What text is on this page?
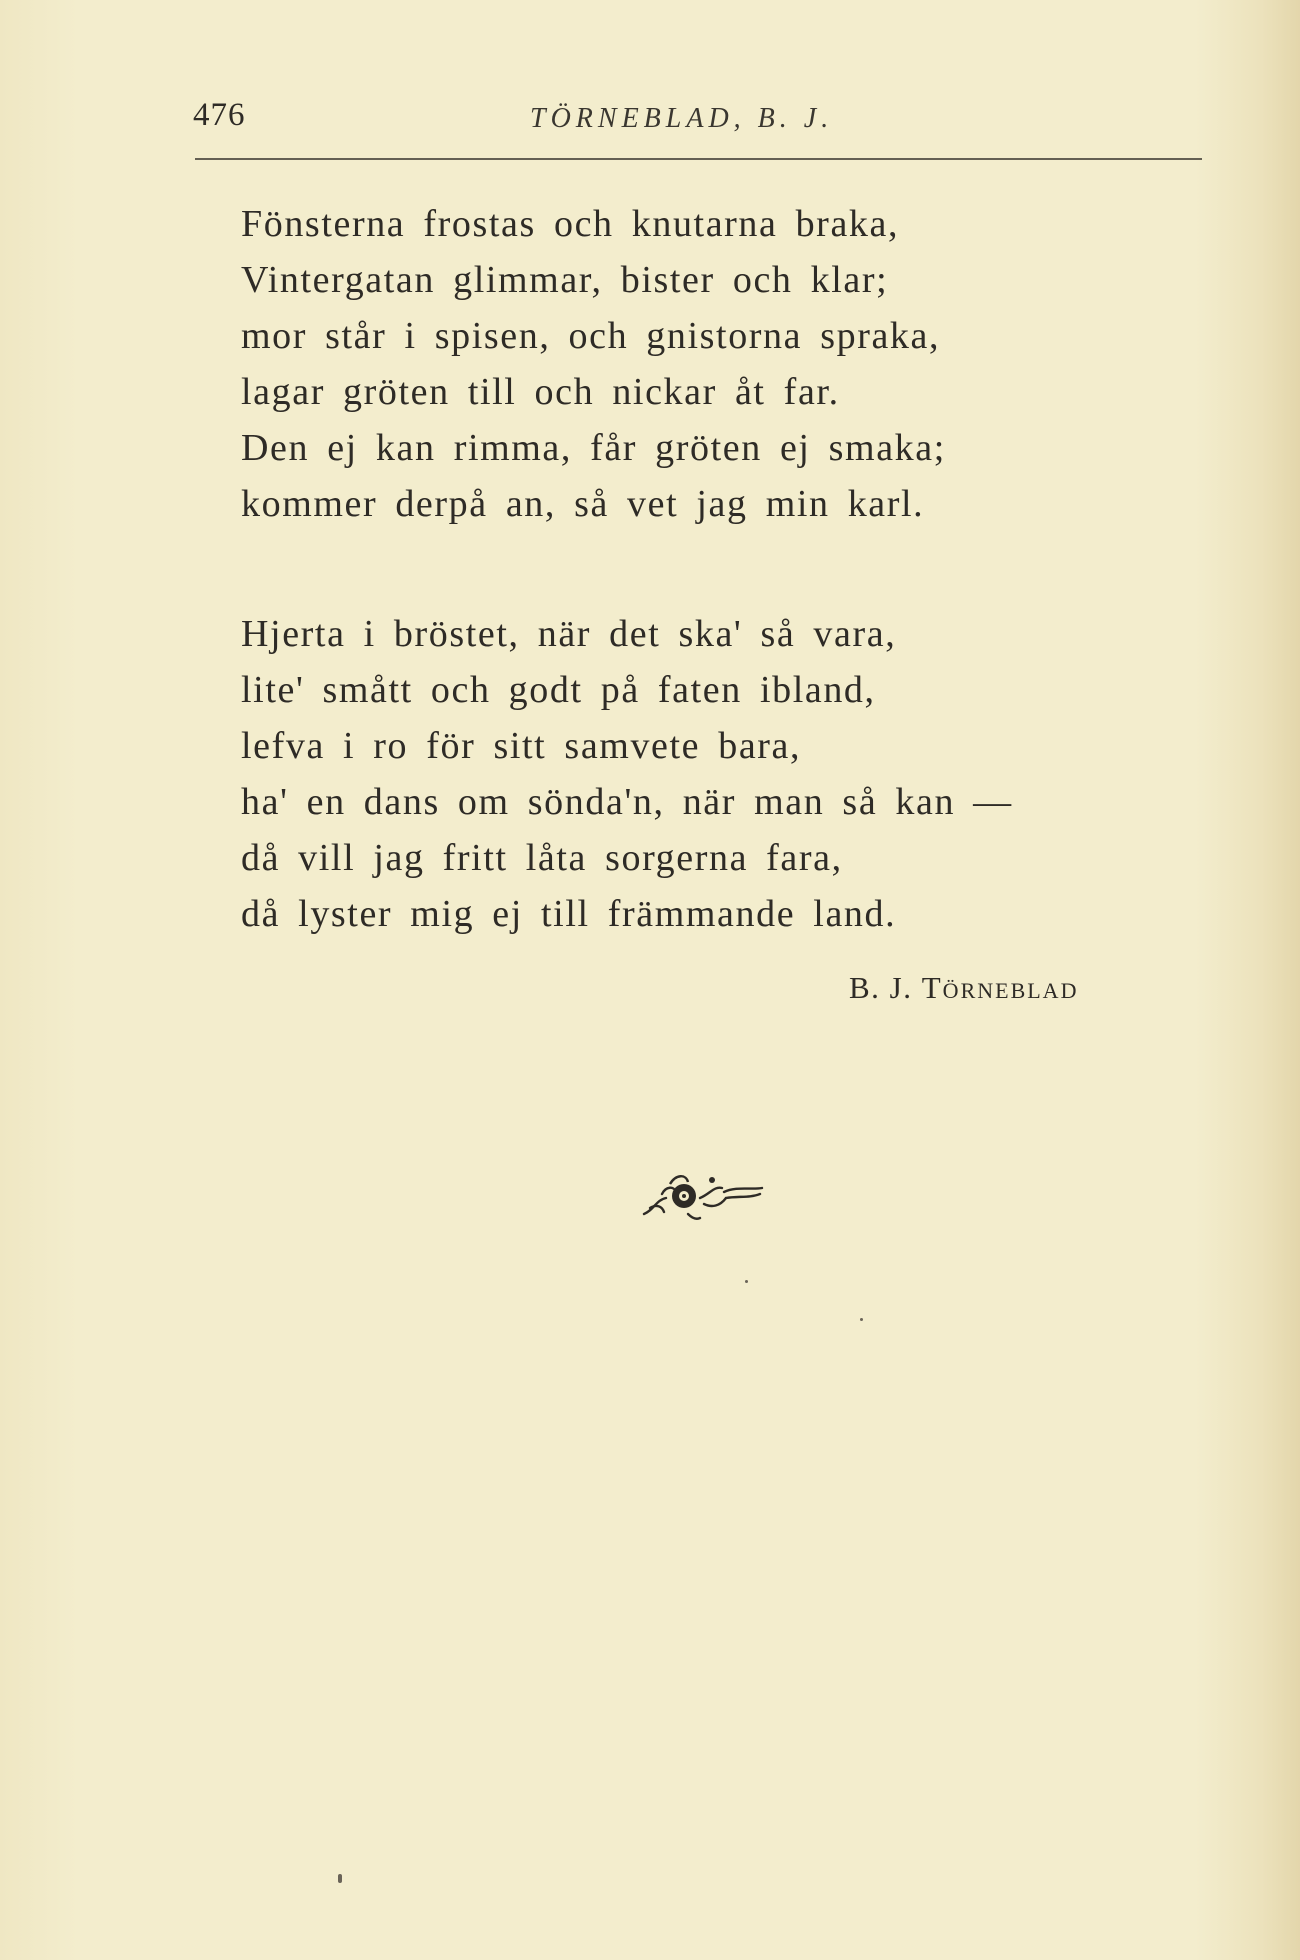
476	TÖRNEBLAD, B. J.
Fönsterna frostas och knutarna braka,
Vintergatan glimmar, bister och klar;
mor står i spisen, och gnistorna spraka,
lagar gröten till och nickar åt far.
Den ej kan rimma, får gröten ej smaka;
kommer derpå an, så vet jag min karl.
Hjerta i bröstet, när det ska' så vara,
lite' smått och godt på faten ibland,
lefva i ro för sitt samvete bara,
ha' en dans om sönda'n, när man så kan —
då vill jag fritt låta sorgerna fara,
då lyster mig ej till främmande land.
B. J. Törneblad
